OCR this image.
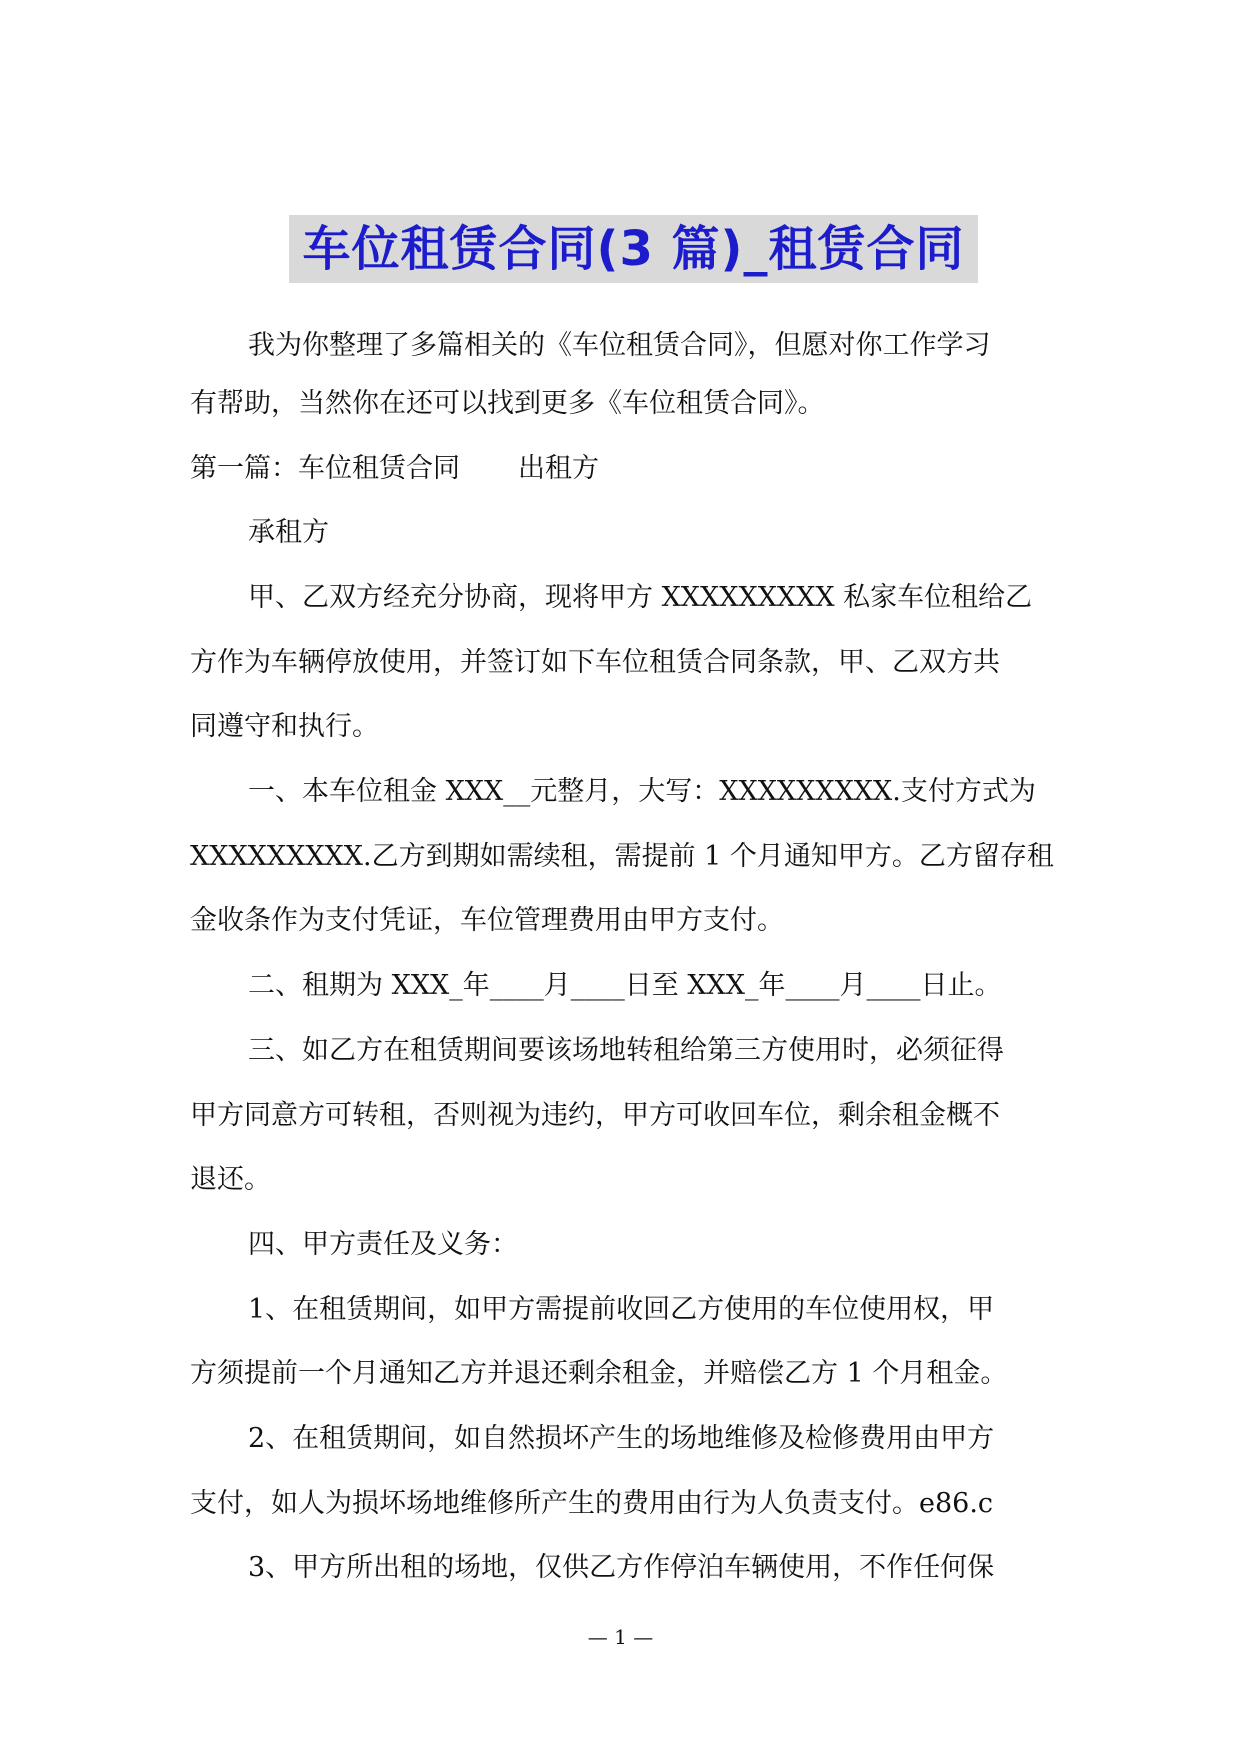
车位租赁合同(3 篇)_租赁合同
我为你整理了多篇相关的《车位租赁合同》，但愿对你工作学习
有帮助，当然你在还可以找到更多《车位租赁合同》。
第一篇：车位租赁合同 出租方
承租方
甲、乙双方经充分协商，现将甲方 XXXXXXXXX 私家车位租给乙
方作为车辆停放使用，并签订如下车位租赁合同条款，甲、乙双方共
同遵守和执行。
一、本车位租金 XXX__元整月，大写：XXXXXXXXX.支付方式为
XXXXXXXXX.乙方到期如需续租，需提前 1 个月通知甲方。乙方留存租
金收条作为支付凭证，车位管理费用由甲方支付。
二、租期为 XXX_年____月____日至 XXX_年____月____日止。
三、如乙方在租赁期间要该场地转租给第三方使用时，必须征得
甲方同意方可转租，否则视为违约，甲方可收回车位，剩余租金概不
退还。
四、甲方责任及义务：
1、在租赁期间，如甲方需提前收回乙方使用的车位使用权，甲
方须提前一个月通知乙方并退还剩余租金，并赔偿乙方 1 个月租金。
2、在租赁期间，如自然损坏产生的场地维修及检修费用由甲方
支付，如人为损坏场地维修所产生的费用由行为人负责支付。e86.c
3、甲方所出租的场地，仅供乙方作停泊车辆使用，不作任何保
— 1 —
